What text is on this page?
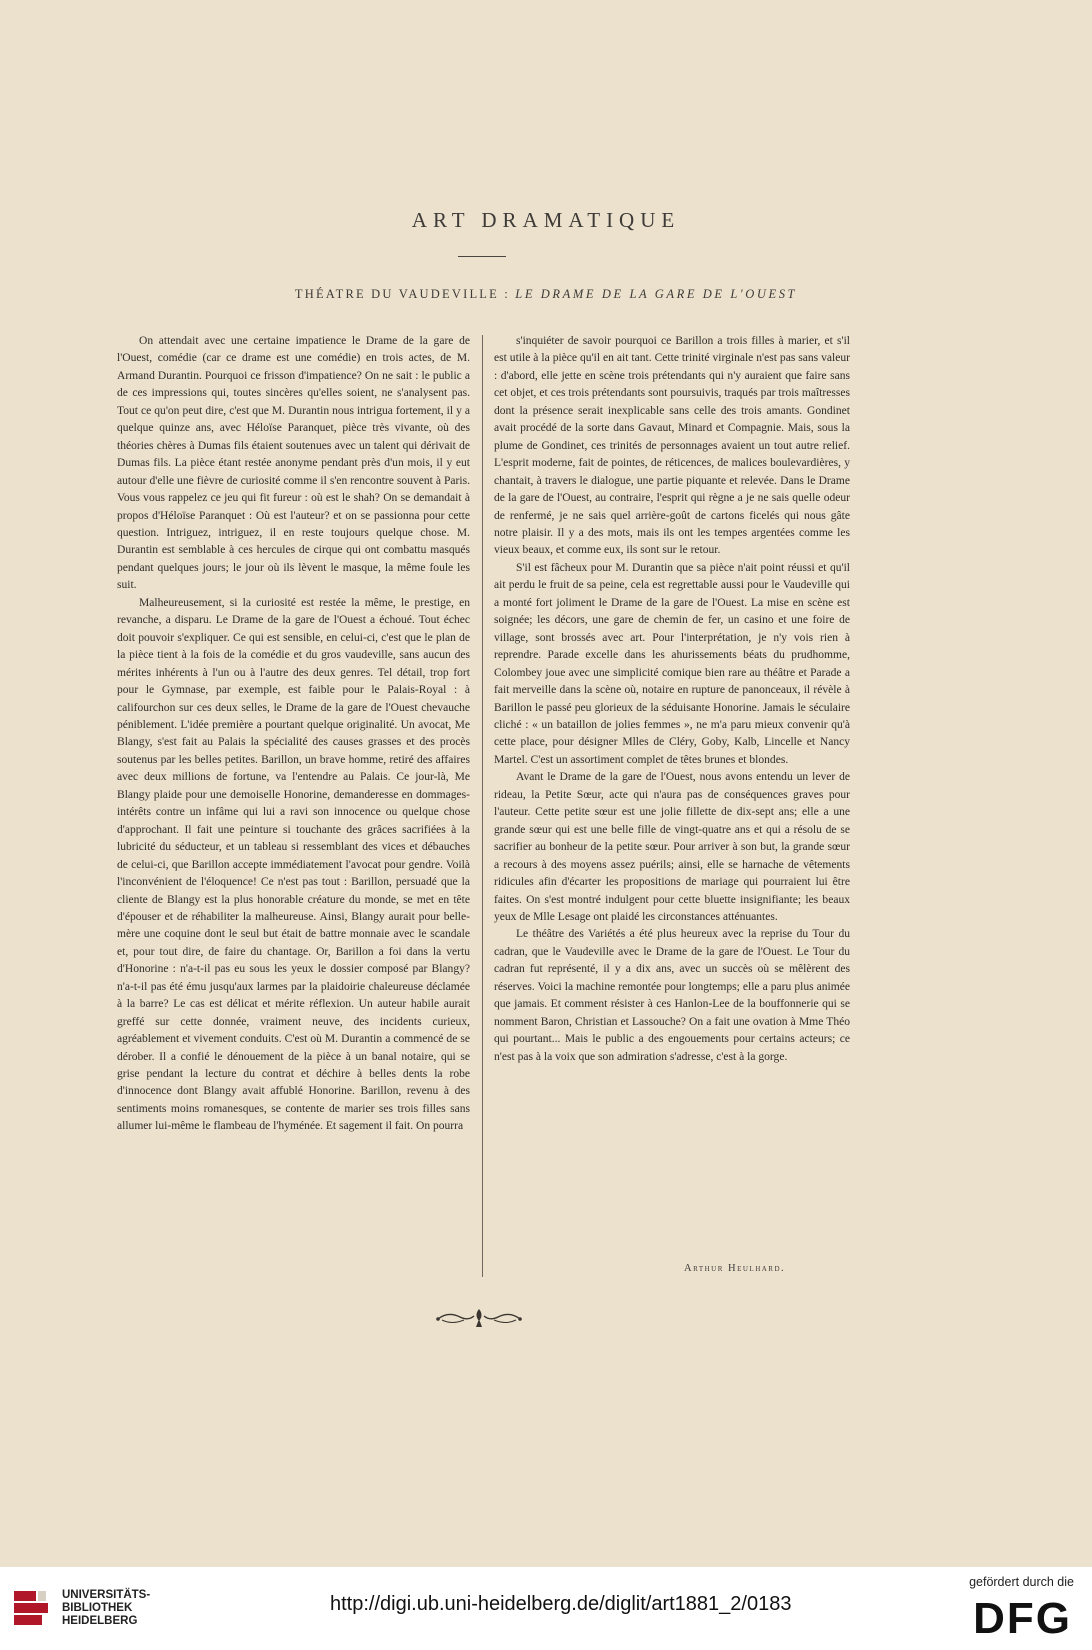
ART DRAMATIQUE
THÉATRE DU VAUDEVILLE : LE DRAME DE LA GARE DE L'OUEST

On attendait avec une certaine impatience le Drame de la gare de l'Ouest, comédie (car ce drame est une comédie) en trois actes, de M. Armand Durantin. Pourquoi ce frisson d'impatience? On ne sait : le public a de ces impressions qui, toutes sincères qu'elles soient, ne s'analysent pas. Tout ce qu'on peut dire, c'est que M. Durantin nous intrigua fortement, il y a quelque quinze ans, avec Héloïse Paranquet, pièce très vivante, où des théories chères à Dumas fils étaient soutenues avec un talent qui dérivait de Dumas fils. La pièce étant restée anonyme pendant près d'un mois, il y eut autour d'elle une fièvre de curiosité comme il s'en rencontre souvent à Paris. Vous vous rappelez ce jeu qui fit fureur : où est le shah? On se demandait à propos d'Héloïse Paranquet : Où est l'auteur? et on se passionna pour cette question. Intriguez, intriguez, il en reste toujours quelque chose. M. Durantin est semblable à ces hercules de cirque qui ont combattu masqués pendant quelques jours; le jour où ils lèvent le masque, la même foule les suit.

Malheureusement, si la curiosité est restée la même, le prestige, en revanche, a disparu. Le Drame de la gare de l'Ouest a échoué. Tout échec doit pouvoir s'expliquer. Ce qui est sensible, en celui-ci, c'est que le plan de la pièce tient à la fois de la comédie et du gros vaudeville, sans aucun des mérites inhérents à l'un ou à l'autre des deux genres. Tel détail, trop fort pour le Gymnase, par exemple, est faible pour le Palais-Royal : à califourchon sur ces deux selles, le Drame de la gare de l'Ouest chevauche péniblement. L'idée première a pourtant quelque originalité. Un avocat, Me Blangy, s'est fait au Palais la spécialité des causes grasses et des procès soutenus par les belles petites. Barillon, un brave homme, retiré des affaires avec deux millions de fortune, va l'entendre au Palais. Ce jour-là, Me Blangy plaide pour une demoiselle Honorine, demanderesse en dommages-intérêts contre un infâme qui lui a ravi son innocence ou quelque chose d'approchant. Il fait une peinture si touchante des grâces sacrifiées à la lubricité du séducteur, et un tableau si ressemblant des vices et débauches de celui-ci, que Barillon accepte immédiatement l'avocat pour gendre. Voilà l'inconvénient de l'éloquence! Ce n'est pas tout : Barillon, persuadé que la cliente de Blangy est la plus honorable créature du monde, se met en tête d'épouser et de réhabiliter la malheureuse. Ainsi, Blangy aurait pour belle-mère une coquine dont le seul but était de battre monnaie avec le scandale et, pour tout dire, de faire du chantage. Or, Barillon a foi dans la vertu d'Honorine : n'a-t-il pas eu sous les yeux le dossier composé par Blangy? n'a-t-il pas été ému jusqu'aux larmes par la plaidoirie chaleureuse déclamée à la barre? Le cas est délicat et mérite réflexion. Un auteur habile aurait greffé sur cette donnée, vraiment neuve, des incidents curieux, agréablement et vivement conduits. C'est où M. Durantin a commencé de se dérober. Il a confié le dénouement de la pièce à un banal notaire, qui se grise pendant la lecture du contrat et déchire à belles dents la robe d'innocence dont Blangy avait affublé Honorine. Barillon, revenu à des sentiments moins romanesques, se contente de marier ses trois filles sans allumer lui-même le flambeau de l'hyménée. Et sagement il fait. On pourra

s'inquiéter de savoir pourquoi ce Barillon a trois filles à marier, et s'il est utile à la pièce qu'il en ait tant. Cette trinité virginale n'est pas sans valeur : d'abord, elle jette en scène trois prétendants qui n'y auraient que faire sans cet objet, et ces trois prétendants sont poursuivis, traqués par trois maîtresses dont la présence serait inexplicable sans celle des trois amants. Gondinet avait procédé de la sorte dans Gavaut, Minard et Compagnie. Mais, sous la plume de Gondinet, ces trinités de personnages avaient un tout autre relief. L'esprit moderne, fait de pointes, de réticences, de malices boulevardières, y chantait, à travers le dialogue, une partie piquante et relevée. Dans le Drame de la gare de l'Ouest, au contraire, l'esprit qui règne a je ne sais quelle odeur de renfermé, je ne sais quel arrière-goût de cartons ficelés qui nous gâte notre plaisir. Il y a des mots, mais ils ont les tempes argentées comme les vieux beaux, et comme eux, ils sont sur le retour.

S'il est fâcheux pour M. Durantin que sa pièce n'ait point réussi et qu'il ait perdu le fruit de sa peine, cela est regrettable aussi pour le Vaudeville qui a monté fort joliment le Drame de la gare de l'Ouest. La mise en scène est soignée; les décors, une gare de chemin de fer, un casino et une foire de village, sont brossés avec art. Pour l'interprétation, je n'y vois rien à reprendre. Parade excelle dans les ahurissements béats du prudhomme, Colombey joue avec une simplicité comique bien rare au théâtre et Parade a fait merveille dans la scène où, notaire en rupture de panonceaux, il révèle à Barillon le passé peu glorieux de la séduisante Honorine. Jamais le séculaire cliché : « un bataillon de jolies femmes », ne m'a paru mieux convenir qu'à cette place, pour désigner Mlles de Cléry, Goby, Kalb, Lincelle et Nancy Martel. C'est un assortiment complet de têtes brunes et blondes.

Avant le Drame de la gare de l'Ouest, nous avons entendu un lever de rideau, la Petite Sœur, acte qui n'aura pas de conséquences graves pour l'auteur. Cette petite sœur est une jolie fillette de dix-sept ans; elle a une grande sœur qui est une belle fille de vingt-quatre ans et qui a résolu de se sacrifier au bonheur de la petite sœur. Pour arriver à son but, la grande sœur a recours à des moyens assez puérils; ainsi, elle se harnache de vêtements ridicules afin d'écarter les propositions de mariage qui pourraient lui être faites. On s'est montré indulgent pour cette bluette insignifiante; les beaux yeux de Mlle Lesage ont plaidé les circonstances atténuantes.

Le théâtre des Variétés a été plus heureux avec la reprise du Tour du cadran, que le Vaudeville avec le Drame de la gare de l'Ouest. Le Tour du cadran fut représenté, il y a dix ans, avec un succès où se mêlèrent des réserves. Voici la machine remontée pour longtemps; elle a paru plus animée que jamais. Et comment résister à ces Hanlon-Lee de la bouffonnerie qui se nomment Baron, Christian et Lassouche? On a fait une ovation à Mme Théo qui pourtant... Mais le public a des engouements pour certains acteurs; ce n'est pas à la voix que son admiration s'adresse, c'est à la gorge.

Arthur Heulhard.
UNIVERSITÄTS-
BIBLIOTHEK
HEIDELBERG
http://digi.ub.uni-heidelberg.de/diglit/art1881_2/0183
gefördert durch die
DFG
